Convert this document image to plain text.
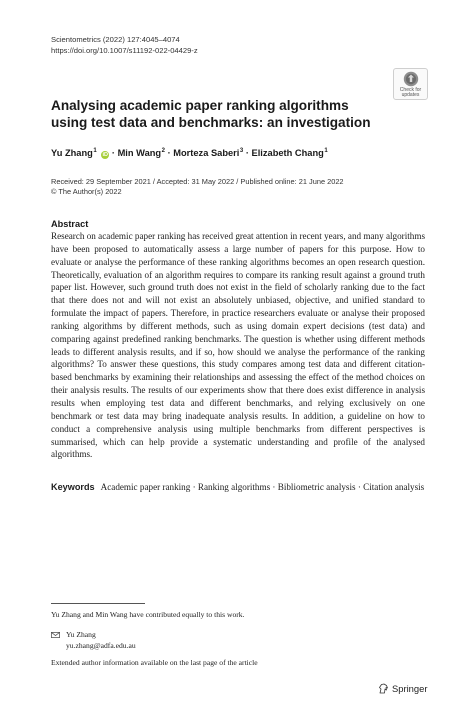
Scientometrics (2022) 127:4045–4074
https://doi.org/10.1007/s11192-022-04429-z
Check for
updates
Analysing academic paper ranking algorithms using test data and benchmarks: an investigation
Yu Zhang$^1$ iD · Min Wang$^2$ · Morteza Saberi$^3$ · Elizabeth Chang$^1$
Received: 29 September 2021 / Accepted: 31 May 2022 / Published online: 21 June 2022
© The Author(s) 2022
Abstract
Research on academic paper ranking has received great attention in recent years, and many algorithms have been proposed to automatically assess a large number of papers for this purpose. How to evaluate or analyse the performance of these ranking algorithms becomes an open research question. Theoretically, evaluation of an algorithm requires to compare its ranking result against a ground truth paper list. However, such ground truth does not exist in the field of scholarly ranking due to the fact that there does not and will not exist an absolutely unbiased, objective, and unified standard to formulate the impact of papers. Therefore, in practice researchers evaluate or analyse their proposed ranking algorithms by different methods, such as using domain expert decisions (test data) and comparing against predefined ranking benchmarks. The question is whether using different methods leads to different analysis results, and if so, how should we analyse the performance of the ranking algorithms? To answer these questions, this study compares among test data and different citation-based benchmarks by examining their relationships and assessing the effect of the method choices on their analysis results. The results of our experiments show that there does exist difference in analysis results when employing test data and different benchmarks, and relying exclusively on one benchmark or test data may bring inadequate analysis results. In addition, a guideline on how to conduct a comprehensive analysis using multiple benchmarks from different perspectives is summarised, which can help provide a systematic understanding and profile of the analysed algorithms.
Keywords Academic paper ranking · Ranking algorithms · Bibliometric analysis · Citation analysis
Yu Zhang and Min Wang have contributed equally to this work.
Yu Zhang
yu.zhang@adfa.edu.au
Extended author information available on the last page of the article
Springer
